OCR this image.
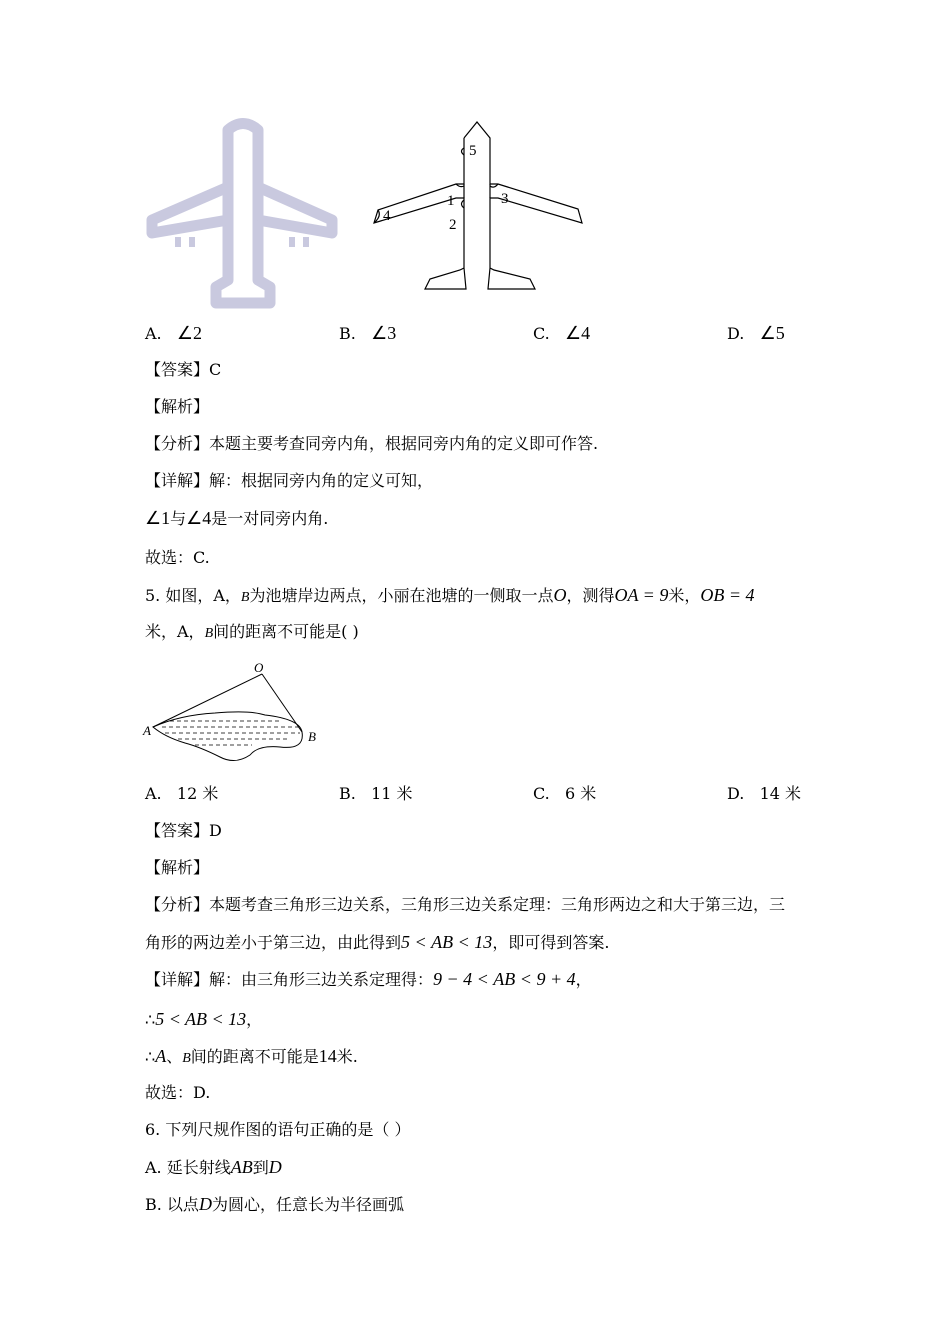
5
1	3
4
2
A. ∠2	B. ∠3	C. ∠4	D. ∠5
【答案】C
【解析】
【分析】本题主要考查同旁内角，根据同旁内角的定义即可作答.
【详解】解：根据同旁内角的定义可知，
∠1与∠4是一对同旁内角.
故选：C.
5. 如图，A，B为池塘岸边两点，小丽在池塘的一侧取一点O，测得OA = 9米，OB = 4
米，A，B间的距离不可能是( )
O
A	B
A. 12 米	B. 11 米	C. 6 米	D. 14 米
【答案】D
【解析】
【分析】本题考查三角形三边关系，三角形三边关系定理：三角形两边之和大于第三边，三
角形的两边差小于第三边，由此得到5 < AB < 13，即可得到答案.
【详解】解：由三角形三边关系定理得：9 − 4 < AB < 9 + 4，
∴5 < AB < 13，
∴A、B间的距离不可能是14米.
故选：D.
6. 下列尺规作图的语句正确的是（ ）
A. 延长射线AB到D
B. 以点D为圆心，任意长为半径画弧
